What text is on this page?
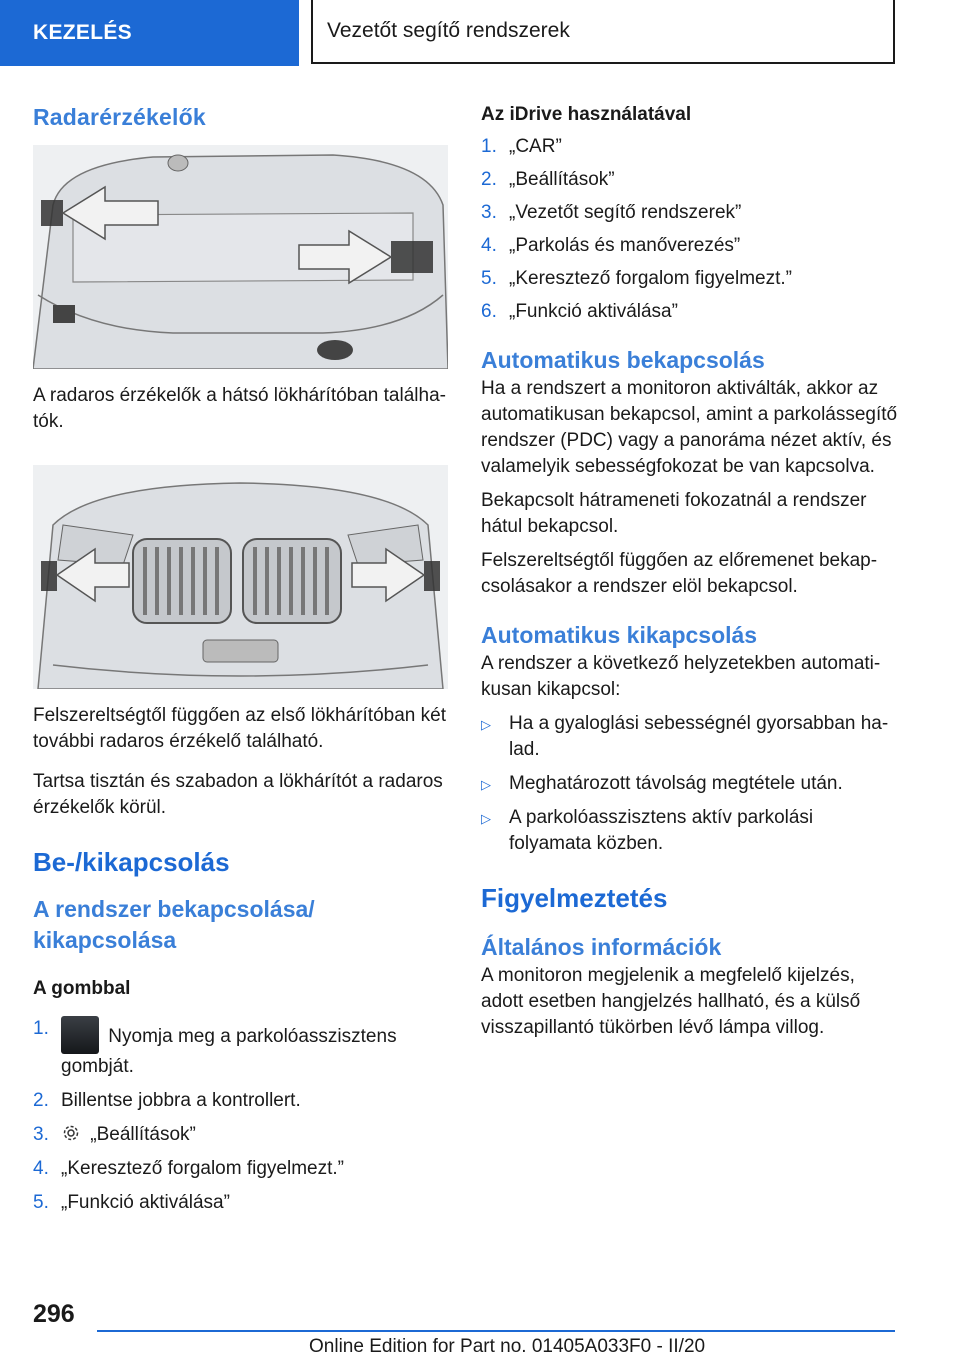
KEZELÉS	Vezetőt segítő rendszerek
Radarérzékelők

A radaros érzékelők a hátsó lökhárítóban találha-tók.

Felszereltségtől függően az első lökhárítóban két további radaros érzékelő található.

Tartsa tisztán és szabadon a lökhárítót a radaros érzékelők körül.

Be-/kikapcsolás
A rendszer bekapcsolása/ kikapcsolása
A gombbal
1.	Nyomja meg a parkolóasszisztens gombját.
2. Billentse jobbra a kontrollert.
3. „Beállítások”
4. „Keresztező forgalom figyelmezt.”
5. „Funkció aktiválása”
Az iDrive használatával
1. „CAR”
2. „Beállítások”
3. „Vezetőt segítő rendszerek”
4. „Parkolás és manőverezés”
5. „Keresztező forgalom figyelmezt.”
6. „Funkció aktiválása”
Automatikus bekapcsolás

Ha a rendszert a monitoron aktiválták, akkor az automatikusan bekapcsol, amint a parkolássegítő rendszer (PDC) vagy a panoráma nézet aktív, és valamelyik sebességfokozat be van kapcsolva.

Bekapcsolt hátrameneti fokozatnál a rendszer hátul bekapcsol.

Felszereltségtől függően az előremenet bekap-csolásakor a rendszer elöl bekapcsol.

Automatikus kikapcsolás

A rendszer a következő helyzetekben automati-kusan kikapcsol:

▷ Ha a gyaloglási sebességnél gyorsabban ha-lad.
▷ Meghatározott távolság megtétele után.
▷ A parkolóasszisztens aktív parkolási folyamata közben.
Figyelmeztetés
Általános információk

A monitoron megjelenik a megfelelő kijelzés, adott esetben hangjelzés hallható, és a külső visszapillantó tükörben lévő lámpa villog.

296
Online Edition for Part no. 01405A033F0 - II/20
